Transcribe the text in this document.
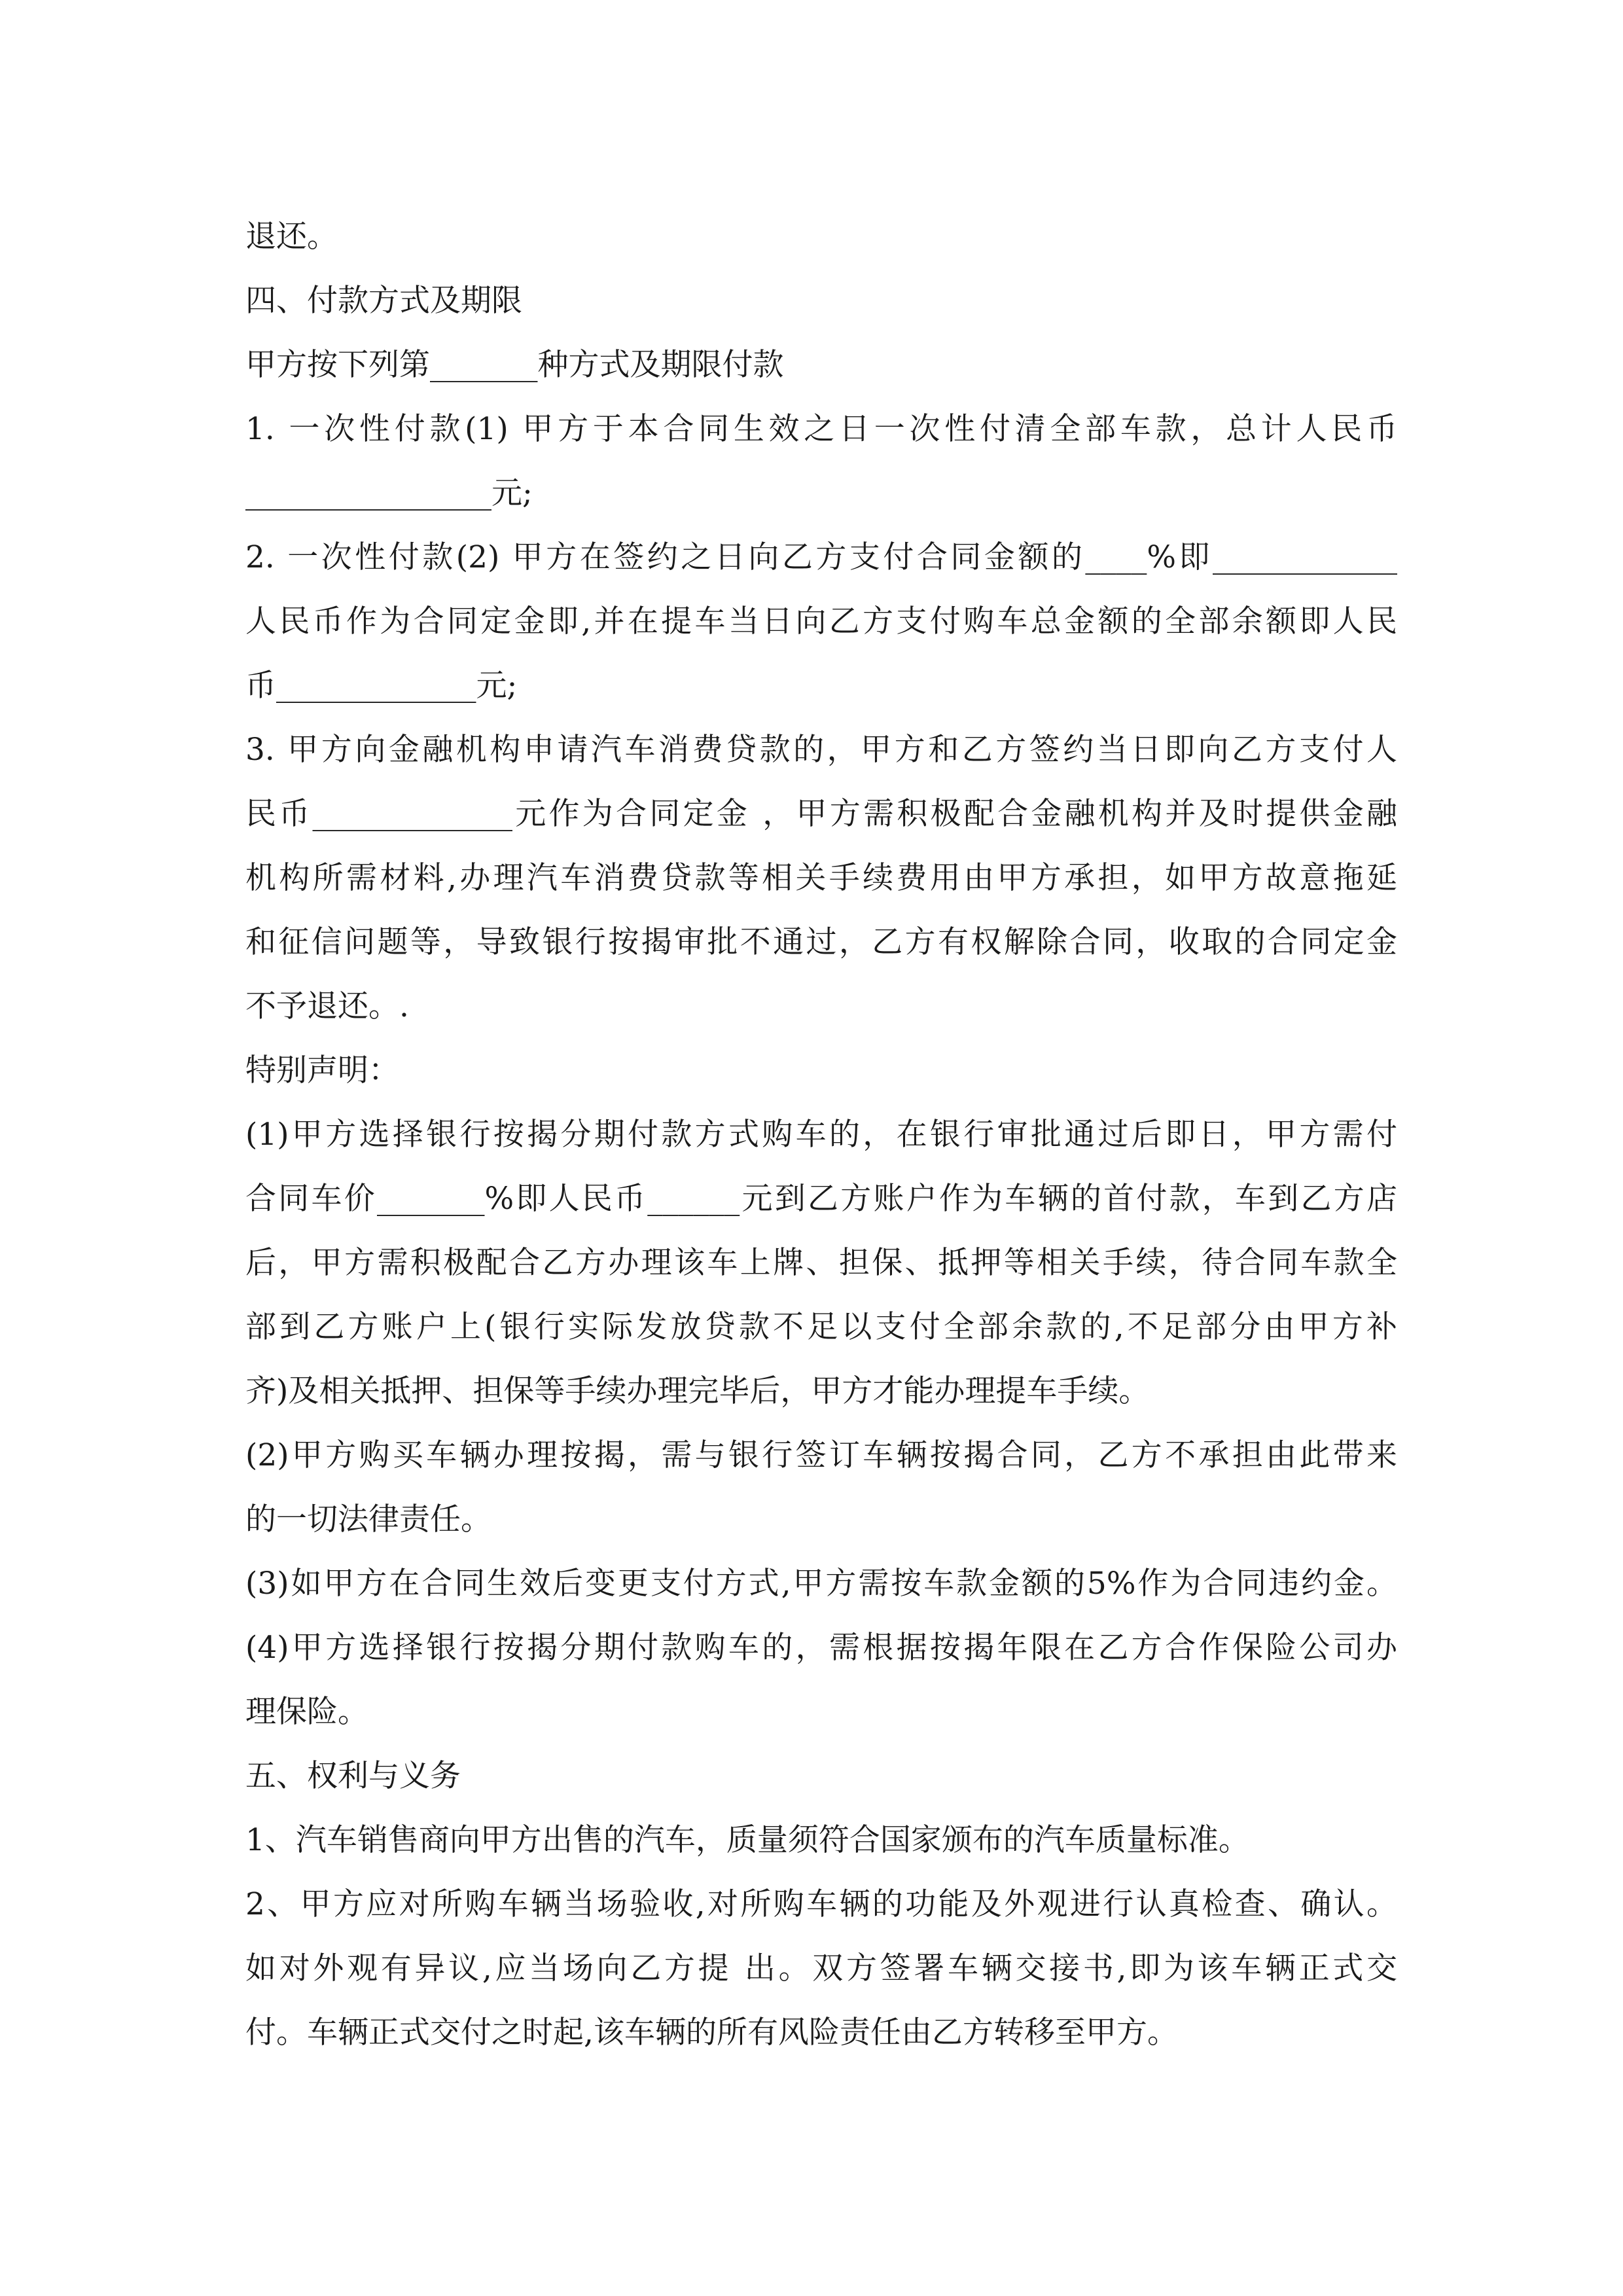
退还。
四、付款方式及期限
甲方按下列第_______种方式及期限付款
1. 一次性付款(1) 甲方于本合同生效之日一次性付清全部车款，总计人民币
________________元;
2. 一次性付款(2) 甲方在签约之日向乙方支付合同金额的____%即____________
人民币作为合同定金即,并在提车当日向乙方支付购车总金额的全部余额即人民
币_____________元;
3. 甲方向金融机构申请汽车消费贷款的，甲方和乙方签约当日即向乙方支付人
民币_____________元作为合同定金 ，甲方需积极配合金融机构并及时提供金融
机构所需材料,办理汽车消费贷款等相关手续费用由甲方承担，如甲方故意拖延
和征信问题等，导致银行按揭审批不通过，乙方有权解除合同，收取的合同定金
不予退还。.
特别声明：
(1)甲方选择银行按揭分期付款方式购车的，在银行审批通过后即日，甲方需付
合同车价_______%即人民币______元到乙方账户作为车辆的首付款，车到乙方店
后，甲方需积极配合乙方办理该车上牌、担保、抵押等相关手续，待合同车款全
部到乙方账户上(银行实际发放贷款不足以支付全部余款的,不足部分由甲方补
齐)及相关抵押、担保等手续办理完毕后，甲方才能办理提车手续。
(2)甲方购买车辆办理按揭，需与银行签订车辆按揭合同，乙方不承担由此带来
的一切法律责任。
(3)如甲方在合同生效后变更支付方式,甲方需按车款金额的5%作为合同违约金。
(4)甲方选择银行按揭分期付款购车的，需根据按揭年限在乙方合作保险公司办
理保险。
五、权利与义务
1、汽车销售商向甲方出售的汽车，质量须符合国家颁布的汽车质量标准。
2、甲方应对所购车辆当场验收,对所购车辆的功能及外观进行认真检查、确认。
如对外观有异议,应当场向乙方提 出。双方签署车辆交接书,即为该车辆正式交
付。车辆正式交付之时起,该车辆的所有风险责任由乙方转移至甲方。
